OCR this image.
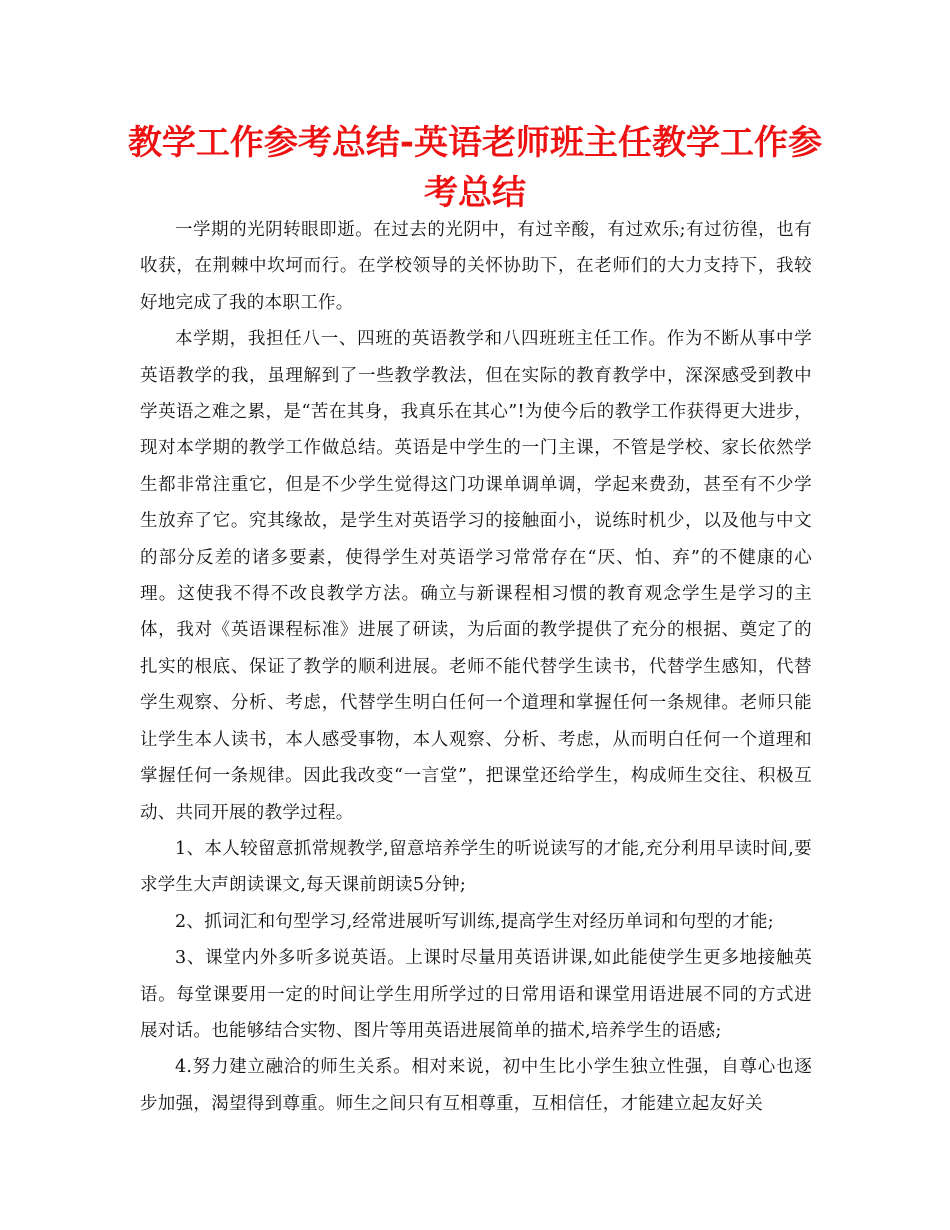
教学工作参考总结-英语老师班主任教学工作参考总结

一学期的光阴转眼即逝。在过去的光阴中，有过辛酸，有过欢乐;有过彷徨，也有收获，在荆棘中坎坷而行。在学校领导的关怀协助下，在老师们的大力支持下，我较好地完成了我的本职工作。

本学期，我担任八一、四班的英语教学和八四班班主任工作。作为不断从事中学英语教学的我，虽理解到了一些教学教法，但在实际的教育教学中，深深感受到教中学英语之难之累，是“苦在其身，我真乐在其心”!为使今后的教学工作获得更大进步，现对本学期的教学工作做总结。英语是中学生的一门主课，不管是学校、家长依然学生都非常注重它，但是不少学生觉得这门功课单调单调，学起来费劲，甚至有不少学生放弃了它。究其缘故，是学生对英语学习的接触面小，说练时机少，以及他与中文的部分反差的诸多要素，使得学生对英语学习常常存在“厌、怕、弃”的不健康的心理。这使我不得不改良教学方法。确立与新课程相习惯的教育观念学生是学习的主体，我对《英语课程标准》进展了研读，为后面的教学提供了充分的根据、奠定了的扎实的根底、保证了教学的顺利进展。老师不能代替学生读书，代替学生感知，代替学生观察、分析、考虑，代替学生明白任何一个道理和掌握任何一条规律。老师只能让学生本人读书，本人感受事物，本人观察、分析、考虑，从而明白任何一个道理和掌握任何一条规律。因此我改变“一言堂”，把课堂还给学生，构成师生交往、积极互动、共同开展的教学过程。

1、本人较留意抓常规教学,留意培养学生的听说读写的才能,充分利用早读时间,要求学生大声朗读课文,每天课前朗读5分钟;

2、抓词汇和句型学习,经常进展听写训练,提高学生对经历单词和句型的才能;

3、课堂内外多听多说英语。上课时尽量用英语讲课,如此能使学生更多地接触英语。每堂课要用一定的时间让学生用所学过的日常用语和课堂用语进展不同的方式进展对话。也能够结合实物、图片等用英语进展简单的描术,培养学生的语感;

4.努力建立融洽的师生关系。相对来说，初中生比小学生独立性强，自尊心也逐步加强，渴望得到尊重。师生之间只有互相尊重，互相信任，才能建立起友好关
